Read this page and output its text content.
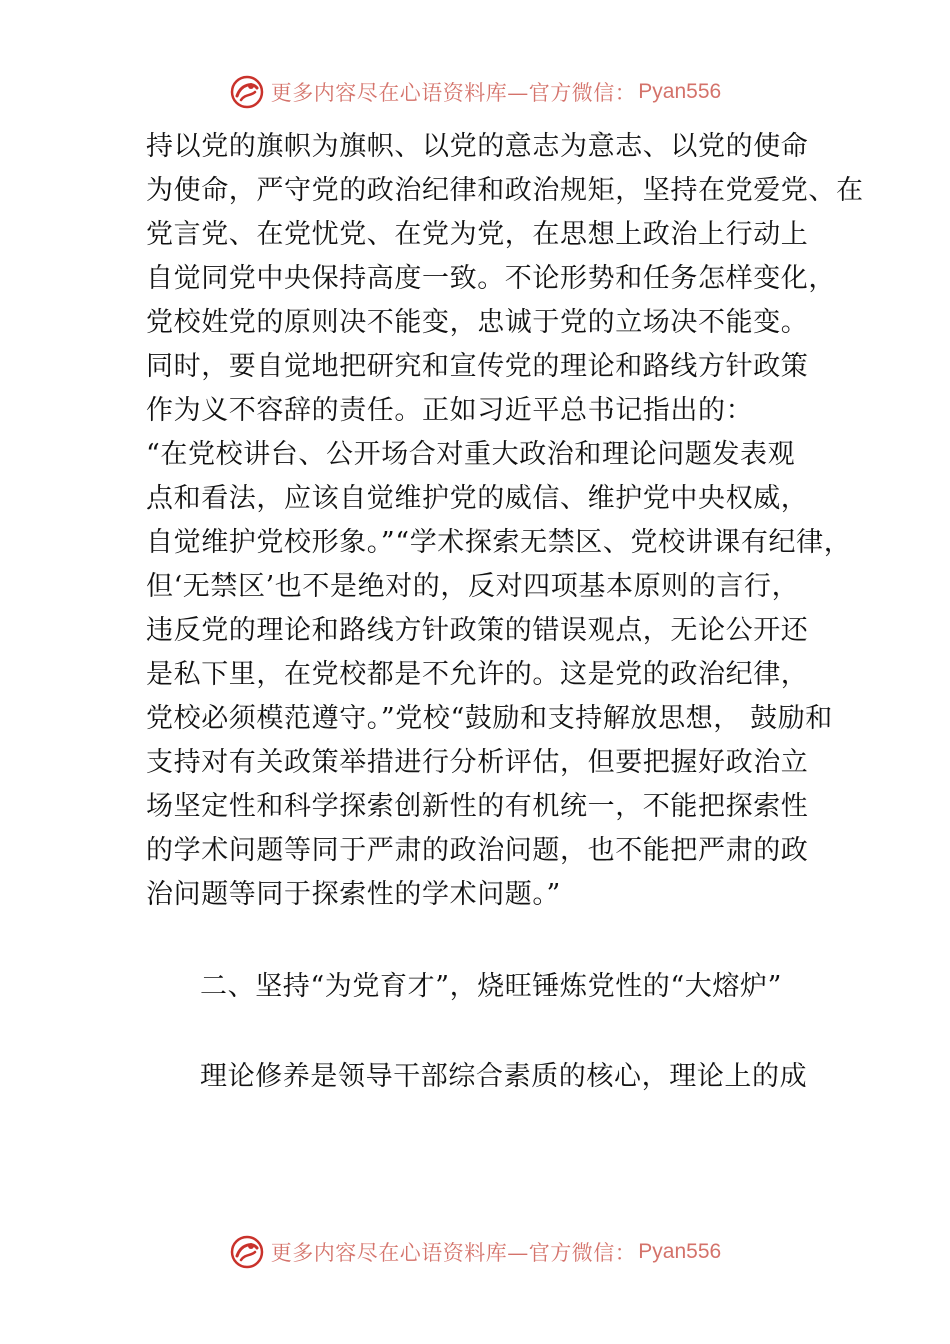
更多内容尽在心语资料库—官方微信： Pyan556
持以党的旗帜为旗帜、以党的意志为意志、以党的使命
为使命，严守党的政治纪律和政治规矩，坚持在党爱党、在
党言党、在党忧党、在党为党，在思想上政治上行动上
自觉同党中央保持高度一致。不论形势和任务怎样变化，
党校姓党的原则决不能变，忠诚于党的立场决不能变。
同时，要自觉地把研究和宣传党的理论和路线方针政策
作为义不容辞的责任。正如习近平总书记指出的：
“在党校讲台、公开场合对重大政治和理论问题发表观
点和看法，应该自觉维护党的威信、维护党中央权威，
自觉维护党校形象。”“学术探索无禁区、党校讲课有纪律，
但‘无禁区’也不是绝对的，反对四项基本原则的言行，
违反党的理论和路线方针政策的错误观点，无论公开还
是私下里，在党校都是不允许的。这是党的政治纪律，
党校必须模范遵守。”党校“鼓励和支持解放思想， 鼓励和
支持对有关政策举措进行分析评估，但要把握好政治立
场坚定性和科学探索创新性的有机统一，不能把探索性
的学术问题等同于严肃的政治问题，也不能把严肃的政
治问题等同于探索性的学术问题。”
二、坚持“为党育才”，烧旺锤炼党性的“大熔炉”
理论修养是领导干部综合素质的核心，理论上的成
更多内容尽在心语资料库—官方微信： Pyan556
